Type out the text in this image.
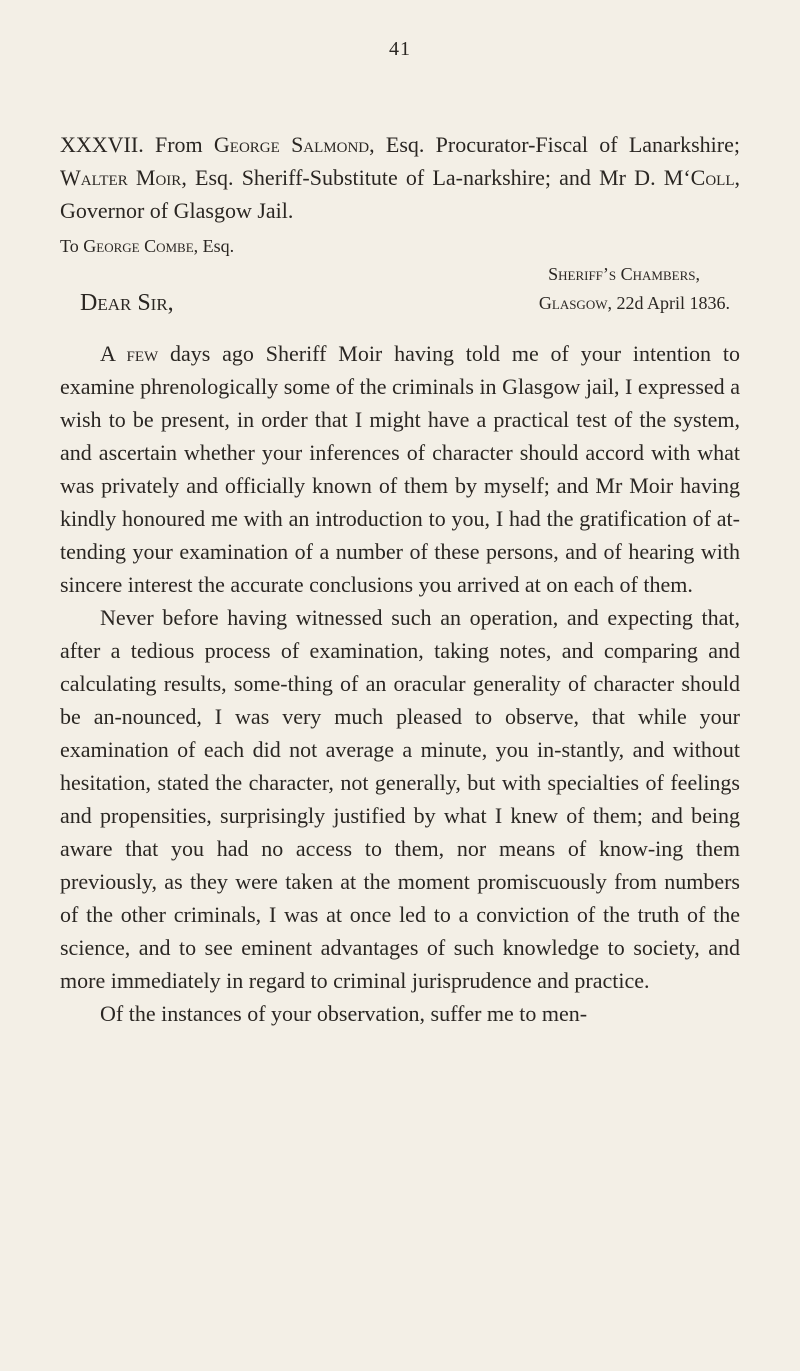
41

XXXVII. From George Salmond, Esq. Procurator-Fiscal of Lanarkshire; Walter Moir, Esq. Sheriff-Substitute of La-narkshire; and Mr D. M‘Coll, Governor of Glasgow Jail.

To George Combe, Esq.
Sheriff’s Chambers,
Dear Sir,	Glasgow, 22d April 1836.

A few days ago Sheriff Moir having told me of your intention to examine phrenologically some of the criminals in Glasgow jail, I expressed a wish to be present, in order that I might have a practical test of the system, and ascertain whether your inferences of character should accord with what was privately and officially known of them by myself; and Mr Moir having kindly honoured me with an introduction to you, I had the gratification of at-tending your examination of a number of these persons, and of hearing with sincere interest the accurate conclusions you arrived at on each of them.

Never before having witnessed such an operation, and expecting that, after a tedious process of examination, taking notes, and comparing and calculating results, some-thing of an oracular generality of character should be an-nounced, I was very much pleased to observe, that while your examination of each did not average a minute, you in-stantly, and without hesitation, stated the character, not generally, but with specialties of feelings and propensities, surprisingly justified by what I knew of them; and being aware that you had no access to them, nor means of know-ing them previously, as they were taken at the moment promiscuously from numbers of the other criminals, I was at once led to a conviction of the truth of the science, and to see eminent advantages of such knowledge to society, and more immediately in regard to criminal jurisprudence and practice.

Of the instances of your observation, suffer me to men-
